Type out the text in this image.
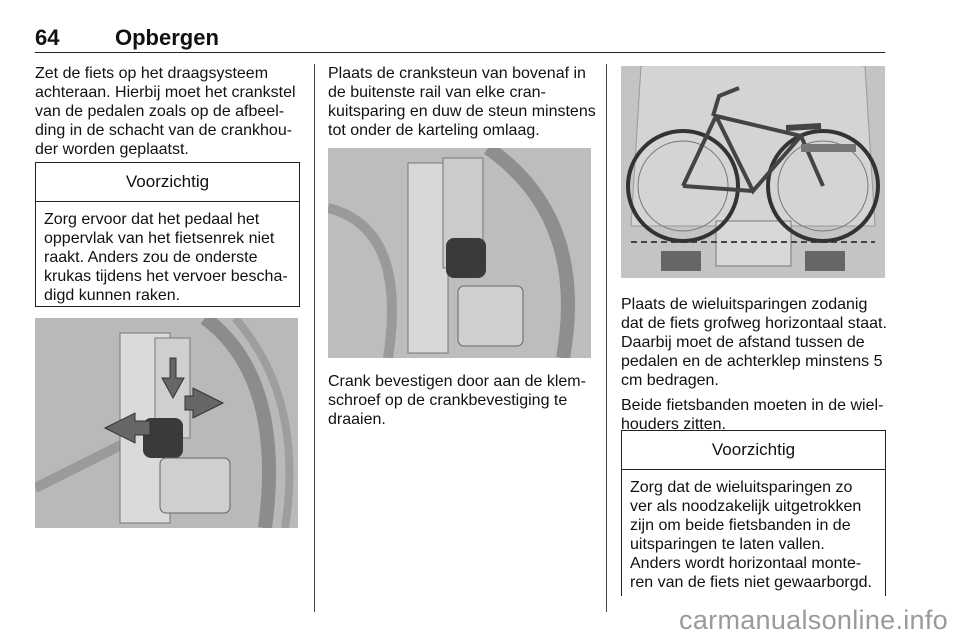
64	Opbergen

Zet de fiets op het draagsysteem achteraan. Hierbij moet het crankstel van de pedalen zoals op de afbeelding in de schacht van de crankhouder worden geplaatst.

Voorzichtig
Zorg ervoor dat het pedaal het oppervlak van het fietsenrek niet raakt. Anders zou de onderste krukas tijdens het vervoer beschadigd kunnen raken.

Plaats de cranksteun van bovenaf in de buitenste rail van elke crankuitsparing en duw de steun minstens tot onder de karteling omlaag.

Crank bevestigen door aan de klemschroef op de crankbevestiging te draaien.

Plaats de wieluitsparingen zodanig dat de fiets grofweg horizontaal staat. Daarbij moet de afstand tussen de pedalen en de achterklep minstens 5 cm bedragen.

Beide fietsbanden moeten in de wielhouders zitten.

Voorzichtig
Zorg dat de wieluitsparingen zo ver als noodzakelijk uitgetrokken zijn om beide fietsbanden in de uitsparingen te laten vallen. Anders wordt horizontaal monteren van de fiets niet gewaarborgd.
carmanualsonline.info
